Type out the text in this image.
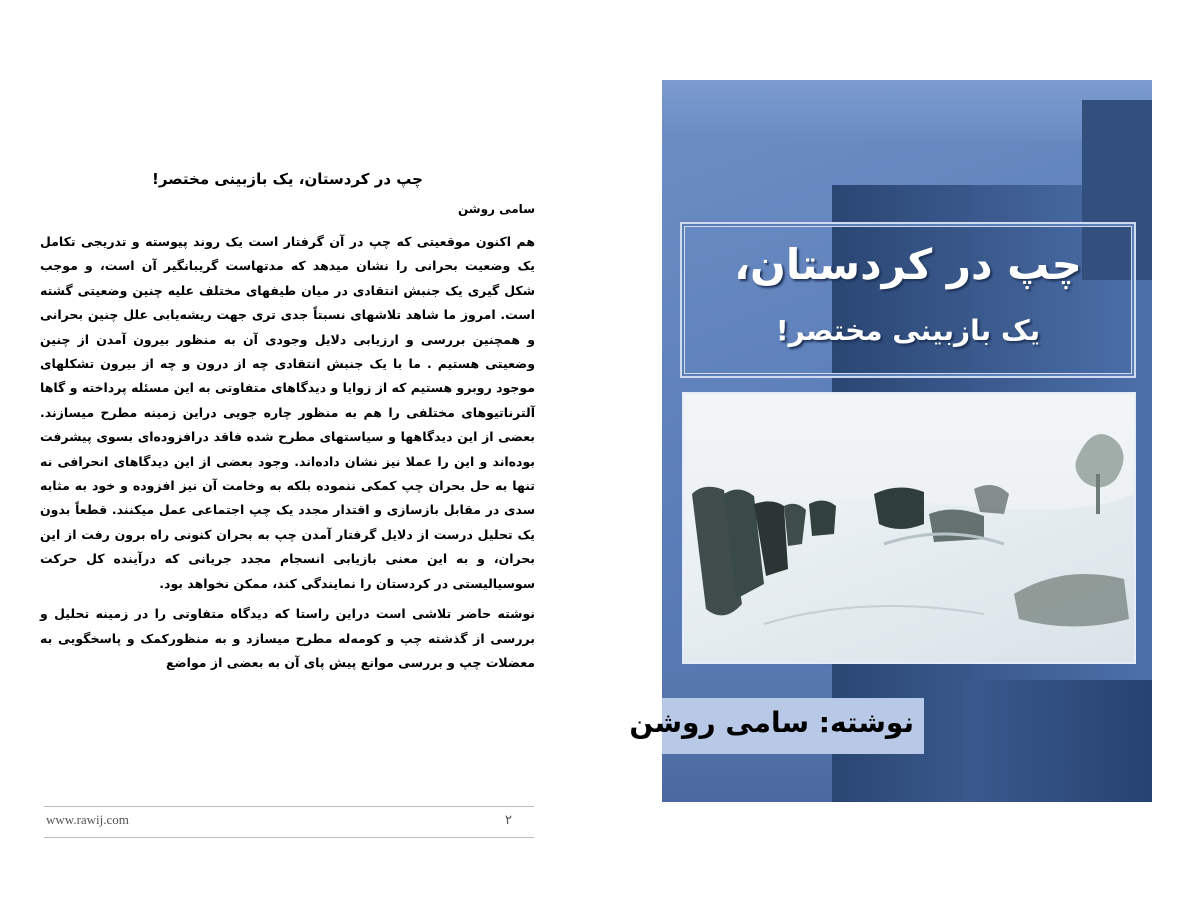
چپ در کردستان، یک بازبینی مختصر!
سامی روشن

هم اکنون موقعیتی که چپ در آن گرفتار است یک روند پیوسته و تدریجی تکامل یک وضعیت بحرانی را نشان میدهد که مدتهاست گریبانگیر آن است، و موجب شکل گیری یک جنبش انتقادی در میان طیفهای مختلف علیه چنین وضعیتی گشته است. امروز ما شاهد تلاشهای نسبتاً جدی تری جهت ریشه‌یابی علل چنین بحرانی و همچنین بررسی و ارزیابی دلایل وجودی آن به منظور بیرون آمدن از چنین وضعیتی هستیم . ما با یک جنبش انتقادی چه از درون و چه از بیرون تشکلهای موجود روبرو هستیم که از زوایا و دیدگاهای متفاوتی به این مسئله پرداخته و گاها آلترناتیوهای مختلفی را هم به منظور چاره جویی دراین زمینه مطرح میسازند. بعضی از این دیدگاهها و سیاستهای مطرح شده فاقد درافزوده‌ای بسوی پیشرفت بوده‌اند و این را عملا نیز نشان داده‌اند. وجود بعضی از این دیدگاهای انحرافی نه تنها به حل بحران چپ کمکی ننموده بلکه به وخامت آن نیز افزوده و خود به مثابه سدی در مقابل بازسازی و اقتدار مجدد یک چپ اجتماعی عمل میکنند. قطعاً بدون یک تحلیل درست از دلایل گرفتار آمدن چپ به بحران کنونی راه برون رفت از این بحران، و به این معنی بازیابی انسجام مجدد جریانی که درآینده کل حرکت سوسیالیستی در کردستان را نمایندگی کند، ممکن نخواهد بود.

نوشته حاضر تلاشی است دراین راستا که دیدگاه متفاوتی را در زمینه تحلیل و بررسی از گذشته چپ و کومه‌له مطرح میسازد و به منظورکمک و پاسخگویی به معضلات چپ و بررسی موانع پیش پای آن به بعضی از مواضع

www.rawij.com	۲
چپ در کردستان،
یک بازبینی مختصر!
نوشته: سامی روشن
